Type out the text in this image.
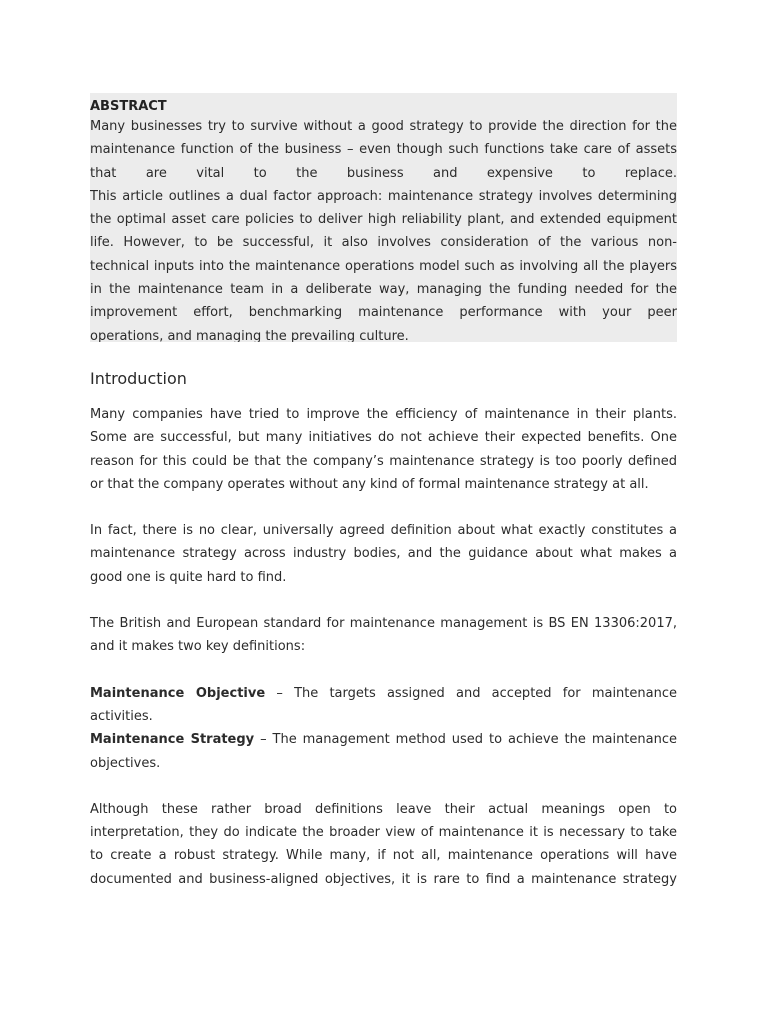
ABSTRACT

Many businesses try to survive without a good strategy to provide the direction for the
maintenance function of the business – even though such functions take care of assets
that are vital to the business and expensive to replace.
This article outlines a dual factor approach: maintenance strategy involves determining
the optimal asset care policies to deliver high reliability plant, and extended equipment
life. However, to be successful, it also involves consideration of the various non-
technical inputs into the maintenance operations model such as involving all the players
in the maintenance team in a deliberate way, managing the funding needed for the
improvement effort, benchmarking maintenance performance with your peer
operations, and managing the prevailing culture.

Introduction

Many companies have tried to improve the efficiency of maintenance in their plants.
Some are successful, but many initiatives do not achieve their expected benefits. One
reason for this could be that the company’s maintenance strategy is too poorly defined
or that the company operates without any kind of formal maintenance strategy at all.

In fact, there is no clear, universally agreed definition about what exactly constitutes a
maintenance strategy across industry bodies, and the guidance about what makes a
good one is quite hard to find.

The British and European standard for maintenance management is BS EN 13306:2017,
and it makes two key definitions:

Maintenance Objective – The targets assigned and accepted for maintenance
activities.
Maintenance Strategy – The management method used to achieve the maintenance
objectives.

Although these rather broad definitions leave their actual meanings open to
interpretation, they do indicate the broader view of maintenance it is necessary to take
to create a robust strategy. While many, if not all, maintenance operations will have
documented and business-aligned objectives, it is rare to find a maintenance strategy
